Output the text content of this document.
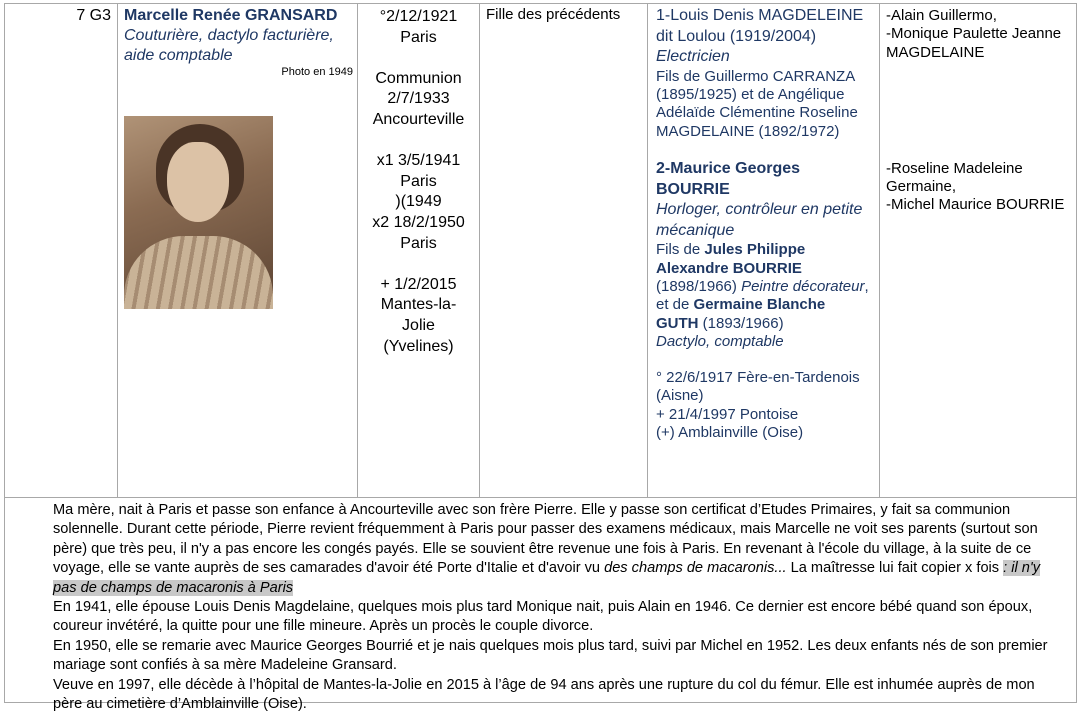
7 G3 Marcelle Renée GRANSARD
Couturière, dactylo facturière, aide comptable
Photo en 1949
°2/12/1921
Paris
Communion
2/7/1933
Ancourteville
x1 3/5/1941
Paris
)(1949
x2 18/2/1950
Paris
+ 1/2/2015
Mantes-la-
Jolie
(Yvelines)
Fille des précédents	1-Louis Denis MAGDELEINE dit Loulou (1919/2004)
Electricien
Fils de Guillermo CARRANZA (1895/1925) et de Angélique Adélaïde Clémentine Roseline MAGDELAINE (1892/1972)
2-Maurice Georges BOURRIE
Horloger, contrôleur en petite mécanique
Fils de Jules Philippe Alexandre BOURRIE (1898/1966) Peintre décorateur, et de Germaine Blanche GUTH (1893/1966)
Dactylo, comptable
° 22/6/1917 Fère-en-Tardenois (Aisne)
+ 21/4/1997 Pontoise
(+) Amblainville (Oise)
-Alain Guillermo,
-Monique Paulette Jeanne MAGDELAINE
-Roseline Madeleine Germaine,
-Michel Maurice BOURRIE

Ma mère, nait à Paris et passe son enfance à Ancourteville avec son frère Pierre. Elle y passe son certificat d’Etudes Primaires, y fait sa communion solennelle. Durant cette période, Pierre revient fréquemment à Paris pour passer des examens médicaux, mais Marcelle ne voit ses parents (surtout son père) que très peu, il n'y a pas encore les congés payés. Elle se souvient être revenue une fois à Paris. En revenant à l'école du village, à la suite de ce voyage, elle se vante auprès de ses camarades d'avoir été Porte d'Italie et d'avoir vu des champs de macaronis... La maîtresse lui fait copier x fois : il n'y pas de champs de macaronis à Paris

En 1941, elle épouse Louis Denis Magdelaine, quelques mois plus tard Monique nait, puis Alain en 1946. Ce dernier est encore bébé quand son époux, coureur invétéré, la quitte pour une fille mineure. Après un procès le couple divorce.

En 1950, elle se remarie avec Maurice Georges Bourrié et je nais quelques mois plus tard, suivi par Michel en 1952. Les deux enfants nés de son premier mariage sont confiés à sa mère Madeleine Gransard.

Veuve en 1997, elle décède à l’hôpital de Mantes-la-Jolie en 2015 à l’âge de 94 ans après une rupture du col du fémur. Elle est inhumée auprès de mon père au cimetière d’Amblainville (Oise).
